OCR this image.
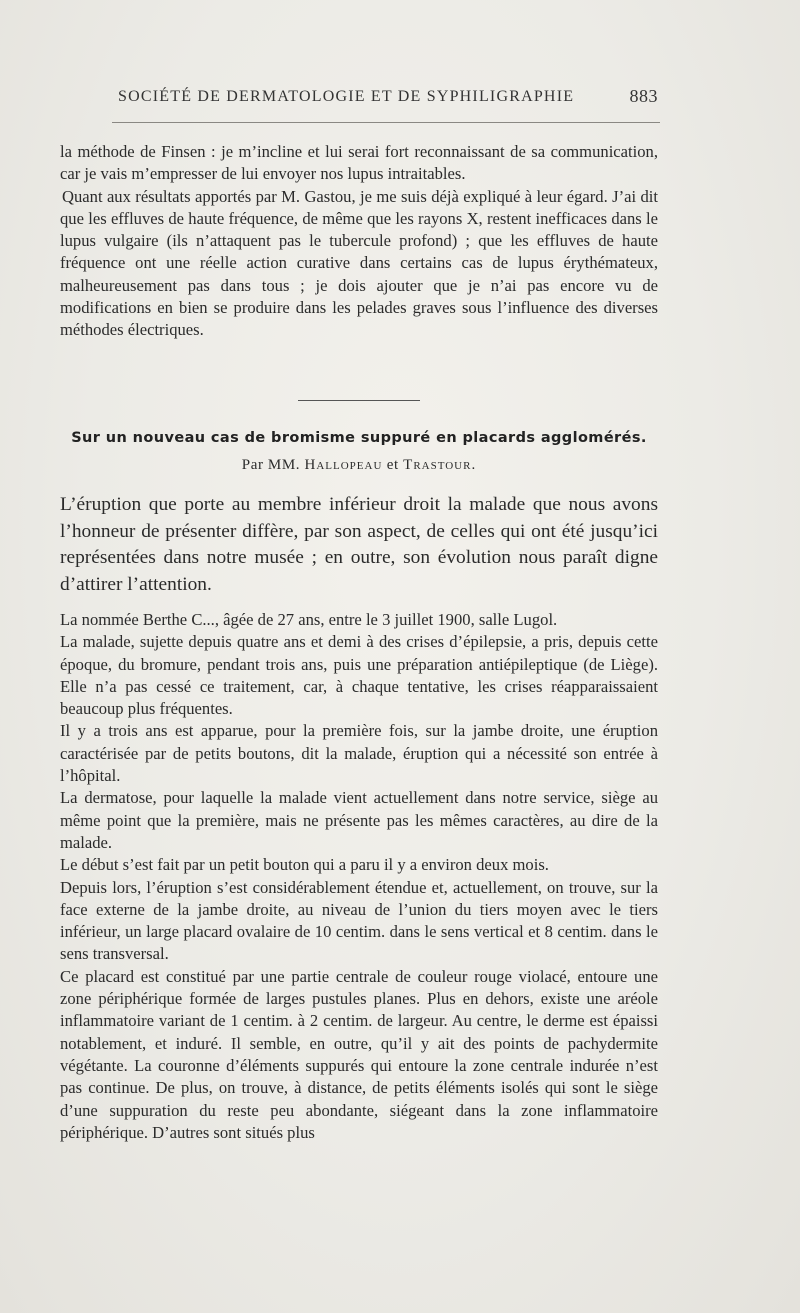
SOCIÉTÉ DE DERMATOLOGIE ET DE SYPHILIGRAPHIE	883

la méthode de Finsen : je m’incline et lui serai fort reconnaissant de sa communication, car je vais m’empresser de lui envoyer nos lupus intraitables.

Quant aux résultats apportés par M. Gastou, je me suis déjà expliqué à leur égard. J’ai dit que les effluves de haute fréquence, de même que les rayons X, restent inefficaces dans le lupus vulgaire (ils n’attaquent pas le tubercule profond) ; que les effluves de haute fréquence ont une réelle action curative dans certains cas de lupus érythémateux, malheureusement pas dans tous ; je dois ajouter que je n’ai pas encore vu de modifications en bien se produire dans les pelades graves sous l’influence des diverses méthodes électriques.

Sur un nouveau cas de bromisme suppuré en placards agglomérés.
Par MM. Hallopeau et Trastour.

L’éruption que porte au membre inférieur droit la malade que nous avons l’honneur de présenter diffère, par son aspect, de celles qui ont été jusqu’ici représentées dans notre musée ; en outre, son évolution nous paraît digne d’attirer l’attention.

La nommée Berthe C..., âgée de 27 ans, entre le 3 juillet 1900, salle Lugol.

La malade, sujette depuis quatre ans et demi à des crises d’épilepsie, a pris, depuis cette époque, du bromure, pendant trois ans, puis une préparation antiépileptique (de Liège). Elle n’a pas cessé ce traitement, car, à chaque tentative, les crises réapparaissaient beaucoup plus fréquentes.

Il y a trois ans est apparue, pour la première fois, sur la jambe droite, une éruption caractérisée par de petits boutons, dit la malade, éruption qui a nécessité son entrée à l’hôpital.

La dermatose, pour laquelle la malade vient actuellement dans notre service, siège au même point que la première, mais ne présente pas les mêmes caractères, au dire de la malade.

Le début s’est fait par un petit bouton qui a paru il y a environ deux mois.

Depuis lors, l’éruption s’est considérablement étendue et, actuellement, on trouve, sur la face externe de la jambe droite, au niveau de l’union du tiers moyen avec le tiers inférieur, un large placard ovalaire de 10 centim. dans le sens vertical et 8 centim. dans le sens transversal.

Ce placard est constitué par une partie centrale de couleur rouge violacé, entoure une zone périphérique formée de larges pustules planes. Plus en dehors, existe une aréole inflammatoire variant de 1 centim. à 2 centim. de largeur. Au centre, le derme est épaissi notablement, et induré. Il semble, en outre, qu’il y ait des points de pachydermite végétante. La couronne d’éléments suppurés qui entoure la zone centrale indurée n’est pas continue. De plus, on trouve, à distance, de petits éléments isolés qui sont le siège d’une suppuration du reste peu abondante, siégeant dans la zone inflammatoire périphérique. D’autres sont situés plus
